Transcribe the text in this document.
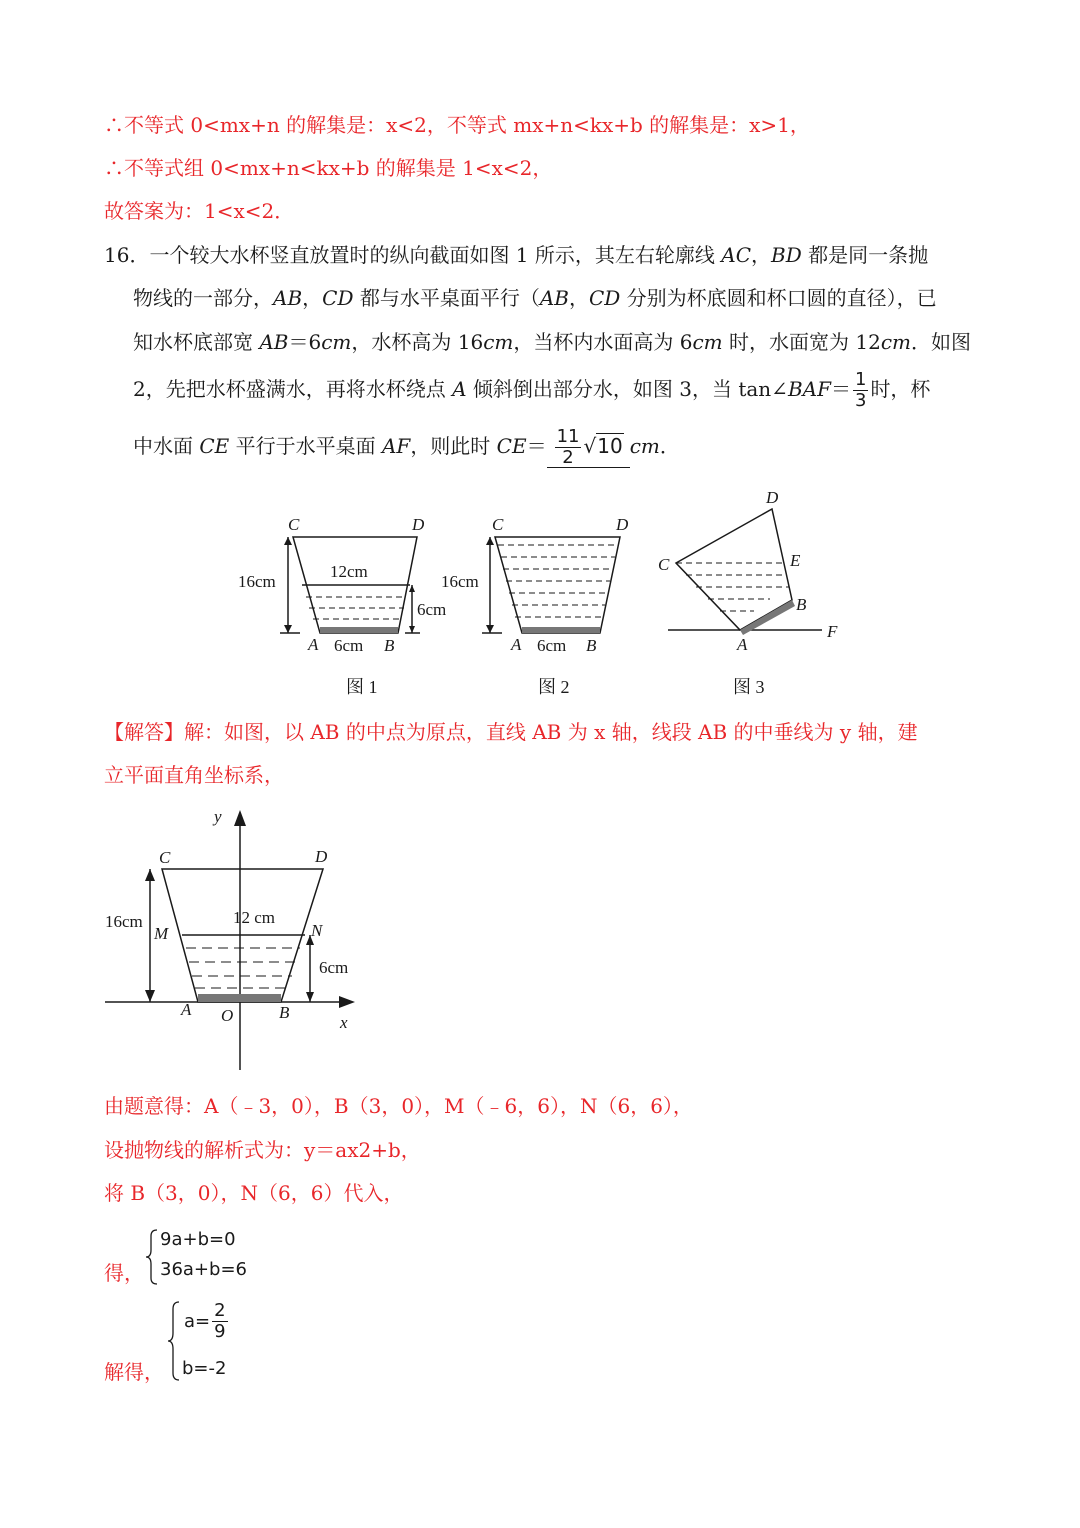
∴不等式 0<mx+n 的解集是：x<2，不等式 mx+n<kx+b 的解集是：x>1，
∴不等式组 0<mx+n<kx+b 的解集是 1<x<2，
故答案为：1<x<2．
16．一个较大水杯竖直放置时的纵向截面如图 1 所示，其左右轮廓线 AC，BD 都是同一条抛
物线的一部分，AB，CD 都与水平桌面平行（AB，CD 分别为杯底圆和杯口圆的直径），已
知水杯底部宽 AB＝6cm，水杯高为 16cm，当杯内水面高为 6cm 时，水面宽为 12cm．如图
2，先把水杯盛满水，再将水杯绕点 A 倾斜倒出部分水，如图 3，当 tan∠BAF＝ $\frac{1}{3}$ 时，杯
中水面 CE 平行于水平桌面 AF，则此时 $CE= \frac{11}{2} √10$ cm．
C	D
16cm
12cm
6cm
A 6cm B
图 1
C	D
16cm
A 6cm B
图 2
D
C	E
B
A
F
图 3
【解答】解：如图，以 AB 的中点为原点，直线 AB 为 x 轴，线段 AB 的中垂线为 y 轴，建
立平面直角坐标系，
y
C	D
16cm	12 cm
M	N
6cm
A O	B
x
由题意得：A（﹣3，0），B（3，0），M（﹣6，6），N（6，6），
设抛物线的解析式为：y＝ax2+b，
将 B（3，0），N（6，6）代入，
得，
9a+b=0
36a+b=6
解得，
$a= \frac{2}{9}$
b=-2
